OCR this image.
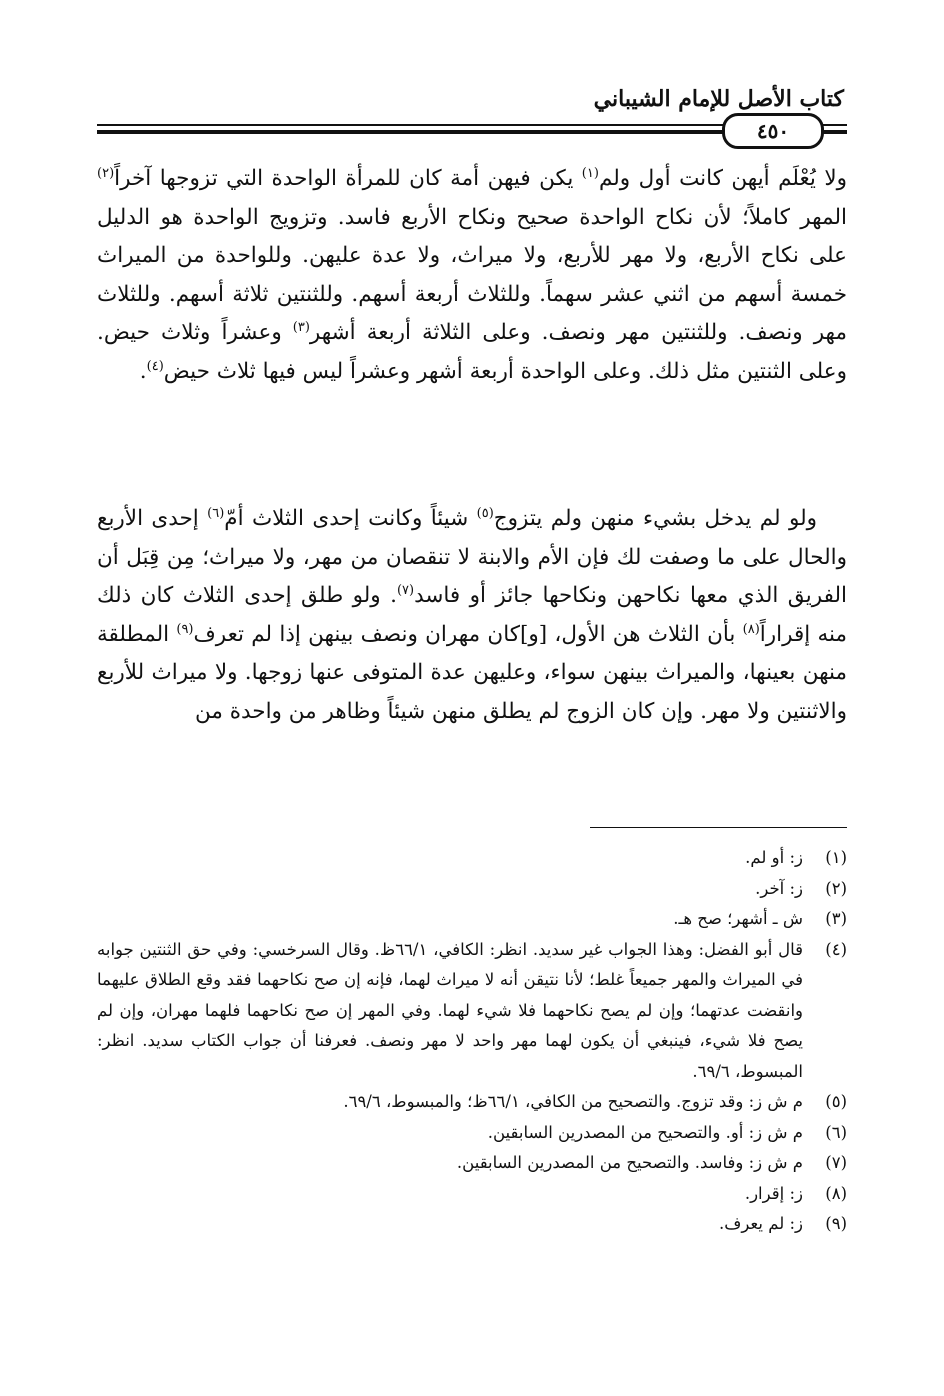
كتاب الأصل للإمام الشيباني
٤٥٠
ولا يُعْلَم أيهن كانت أول ولم$^{(١)}$ يكن فيهن أمة كان للمرأة الواحدة التي تزوجها آخراً$^{(٢)}$ المهر كاملاً؛ لأن نكاح الواحدة صحيح ونكاح الأربع فاسد. وتزويج الواحدة هو الدليل على نكاح الأربع، ولا مهر للأربع، ولا ميراث، ولا عدة عليهن. وللواحدة من الميراث خمسة أسهم من اثني عشر سهماً. وللثلاث أربعة أسهم. وللثنتين ثلاثة أسهم. وللثلاث مهر ونصف. وللثنتين مهر ونصف. وعلى الثلاثة أربعة أشهر$^{(٣)}$ وعشراً وثلاث حيض. وعلى الثنتين مثل ذلك. وعلى الواحدة أربعة أشهر وعشراً ليس فيها ثلاث حيض$^{(٤)}$.
ولو لم يدخل بشيء منهن ولم يتزوج$^{(٥)}$ شيئاً وكانت إحدى الثلاث أمّ$^{(٦)}$ إحدى الأربع والحال على ما وصفت لك فإن الأم والابنة لا تنقصان من مهر، ولا ميراث؛ مِن قِبَل أن الفريق الذي معها نكاحهن ونكاحها جائز أو فاسد$^{(٧)}$. ولو طلق إحدى الثلاث كان ذلك منه إقراراً$^{(٨)}$ بأن الثلاث هن الأول، [و]كان مهران ونصف بينهن إذا لم تعرف$^{(٩)}$ المطلقة منهن بعينها، والميراث بينهن سواء، وعليهن عدة المتوفى عنها زوجها. ولا ميراث للأربع والاثنتين ولا مهر. وإن كان الزوج لم يطلق منهن شيئاً وظاهر من واحدة من
(١)
ز: أو لم.
(٢)
ز: آخر.
(٣)
ش ـ أشهر؛ صح هـ.
(٤)
قال أبو الفضل: وهذا الجواب غير سديد. انظر: الكافي، ٦٦/١ظ. وقال السرخسي: وفي حق الثنتين جوابه في الميراث والمهر جميعاً غلط؛ لأنا نتيقن أنه لا ميراث لهما، فإنه إن صح نكاحهما فقد وقع الطلاق عليهما وانقضت عدتهما؛ وإن لم يصح نكاحهما فلا شيء لهما. وفي المهر إن صح نكاحهما فلهما مهران، وإن لم يصح فلا شيء، فينبغي أن يكون لهما مهر واحد لا مهر ونصف. فعرفنا أن جواب الكتاب سديد. انظر: المبسوط، ٦٩/٦.
(٥)
م ش ز: وقد تزوج. والتصحيح من الكافي، ٦٦/١ظ؛ والمبسوط، ٦٩/٦.
(٦)
م ش ز: أو. والتصحيح من المصدرين السابقين.
(٧)
م ش ز: وفاسد. والتصحيح من المصدرين السابقين.
(٨)
ز: إقرار.
(٩)
ز: لم يعرف.
